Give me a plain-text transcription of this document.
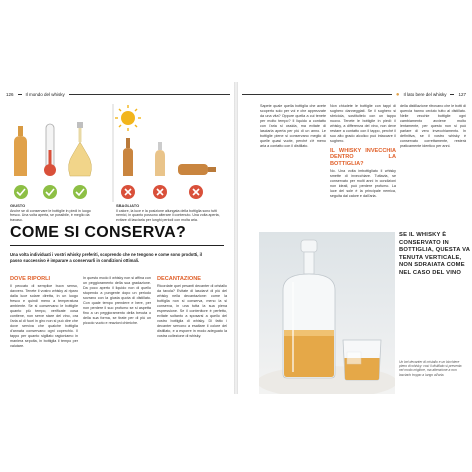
126	Il mondo del whisky
GIUSTO
Anche se di conservare le bottiglie in piedi in luogo fresco. Una volta aperta, se possibile, è meglio da travaso.
SBAGLIATO
Il calore, la luce e la posizione allungata della bottiglia sono tutti nemici, in quanto possono alterare il contenuto. Una volta aperta, evitare di lasciarla per lunghi periodi con molta aria.
COME SI CONSERVA?
Una volta individuati i vostri whisky preferiti, scoprendo che ne tengono e come sono prodotti, il passo successivo è imparare a conservarli in condizioni ottimali.
DOVE RIPORLI
Il peccato di semplice buon senso, davvero. Tenete il vostro whisky al riparo dalla luce solare diretta, in un luogo fresco e quindi meno a temperatura ambiente. Se si conservano le bottiglie quanto più tempo, verificate cosa contiene, non serve stare del vino, ora l'aria al di fuori in giro non si può dire che dove serviva che qualche bottiglia d'annata conservano ogni coperchio. Il tappo per quanto sigillato ragioniamo in maniera sepolta, in bottiglia il tempo per valutare.
In questo modo il whisky non si affina con un peggioramento della sua gradazione. Da poco aperto il liquido non di quello stupendo a pungente dopo un periodo sovrano con la giusta quota di distillato. Con quale tempo prendere e bere, per non perdere il suo profumo se si aspetta fino a un peggioramento della bevuta o della sua forma, se tirate per di più un piccolo vuoto e reazioni chimiche.
DECANTAZIONE
Ricordate quei pesanti decanter di cristallo da tavola? Evitate di lasciarvi di più del whisky nella decantazione: come la bottiglia non si conserva, meno la si conserva, in una tutta la sua piena espressione. Se il contenitore è perfetto, evitate soltanto a sposarsi a quello del vostro bottiglia di whisky. Di fatto i decanter servono a esaltare il colore del distillato, e a esporre in modo adeguato la vostra collezione di whisky.
● Il lato bere del whisky	127
Sapete quale quella bottiglia che avete scoperto solo per voi e che apprezzate da una vita? Oppure quella a cui tenete per molto tempo? Il liquido a contatto con l'aria si ossida, ma evitate di lasciarla aperta per più di un anno. Le bottiglie piene si conservano meglio di quelle quasi vuote, perché c'è meno aria a contatto con il distillato.
Non chiudete le bottiglie con tappi di sughero danneggiati. Se il sughero si sbriciola, sostituitelo con un tappo nuovo. Tenete le bottiglie in piedi: il whisky, a differenza del vino, non deve restare a contatto con il tappo, perché il suo alto grado alcolico può intaccare il sughero.
IL WHISKY INVECCHIA DENTRO LA BOTTIGLIA?
No. Una volta imbottigliato il whisky smette di invecchiare. Tuttavia, se conservato per molti anni in condizioni non ideali, può perdere profumo. La luce del sole è la principale nemica, seguita dal calore e dall'aria.
della distillazione ritrovano che le botti di quercia hanno ceduto tutto al distillato. Nelle vecchie bottiglie ogni cambiamento avviene molto lentamente, per questo non si può parlare di vero invecchiamento. In definitiva, se il vostro whisky è conservato correttamente, resterà praticamente identico per anni.
SE IL WHISKY È CONSERVATO IN BOTTIGLIA, QUESTA VA TENUTA VERTICALE, NON SDRAIATA COME NEL CASO DEL VINO
Un bel decanter di cristallo e un bicchiere pieno di whisky: così il distillato si presenta nel modo migliore, ma attenzione a non lasciarlo troppo a lungo all'aria.
